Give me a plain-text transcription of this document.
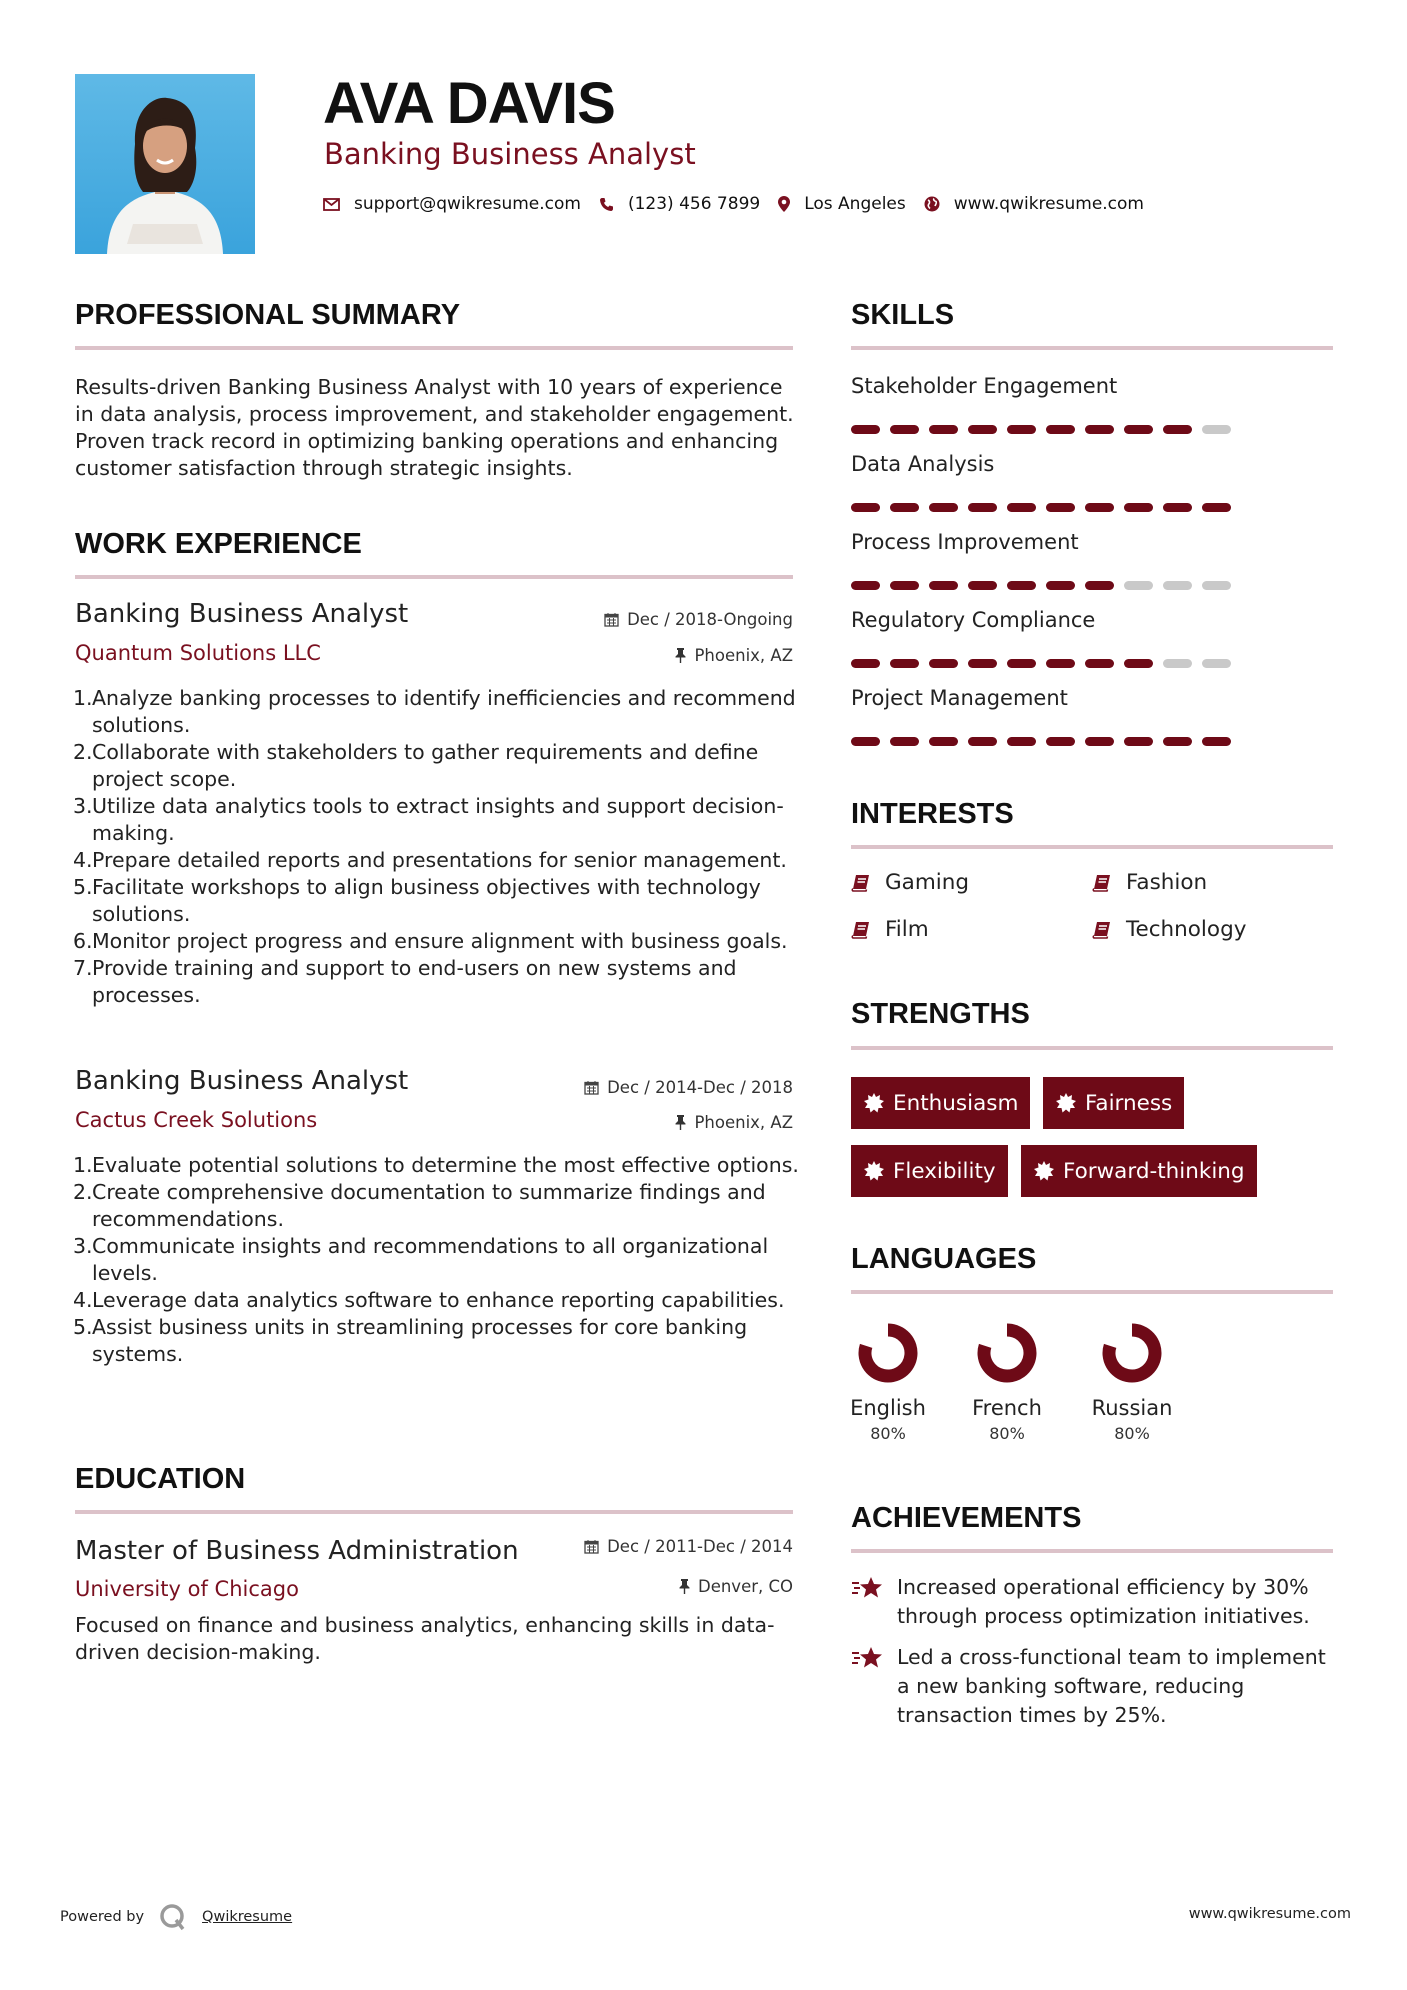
AVA DAVIS
Banking Business Analyst
support@qwikresume.com	(123) 456 7899	Los Angeles	www.qwikresume.com
PROFESSIONAL SUMMARY
Results-driven Banking Business Analyst with 10 years of experience in data analysis, process improvement, and stakeholder engagement. Proven track record in optimizing banking operations and enhancing customer satisfaction through strategic insights.
WORK EXPERIENCE
Banking Business Analyst	Dec / 2018-Ongoing
Quantum Solutions LLC	Phoenix, AZ
1. Analyze banking processes to identify inefficiencies and recommend solutions.
2. Collaborate with stakeholders to gather requirements and define project scope.
3. Utilize data analytics tools to extract insights and support decision-making.
4. Prepare detailed reports and presentations for senior management.
5. Facilitate workshops to align business objectives with technology solutions.
6. Monitor project progress and ensure alignment with business goals.
7. Provide training and support to end-users on new systems and processes.
Banking Business Analyst	Dec / 2014-Dec / 2018
Cactus Creek Solutions	Phoenix, AZ
1. Evaluate potential solutions to determine the most effective options.
2. Create comprehensive documentation to summarize findings and recommendations.
3. Communicate insights and recommendations to all organizational levels.
4. Leverage data analytics software to enhance reporting capabilities.
5. Assist business units in streamlining processes for core banking systems.
EDUCATION
Master of Business Administration	Dec / 2011-Dec / 2014
University of Chicago	Denver, CO
Focused on finance and business analytics, enhancing skills in data-driven decision-making.
SKILLS
Stakeholder Engagement
Data Analysis
Process Improvement
Regulatory Compliance
Project Management
INTERESTS
Gaming	Fashion
Film	Technology
STRENGTHS
Enthusiasm	Fairness
Flexibility	Forward-thinking
LANGUAGES
English
80%
French
80%
Russian
80%
ACHIEVEMENTS
Increased operational efficiency by 30% through process optimization initiatives.
Led a cross-functional team to implement a new banking software, reducing transaction times by 25%.
Powered by	Qwikresume	www.qwikresume.com
